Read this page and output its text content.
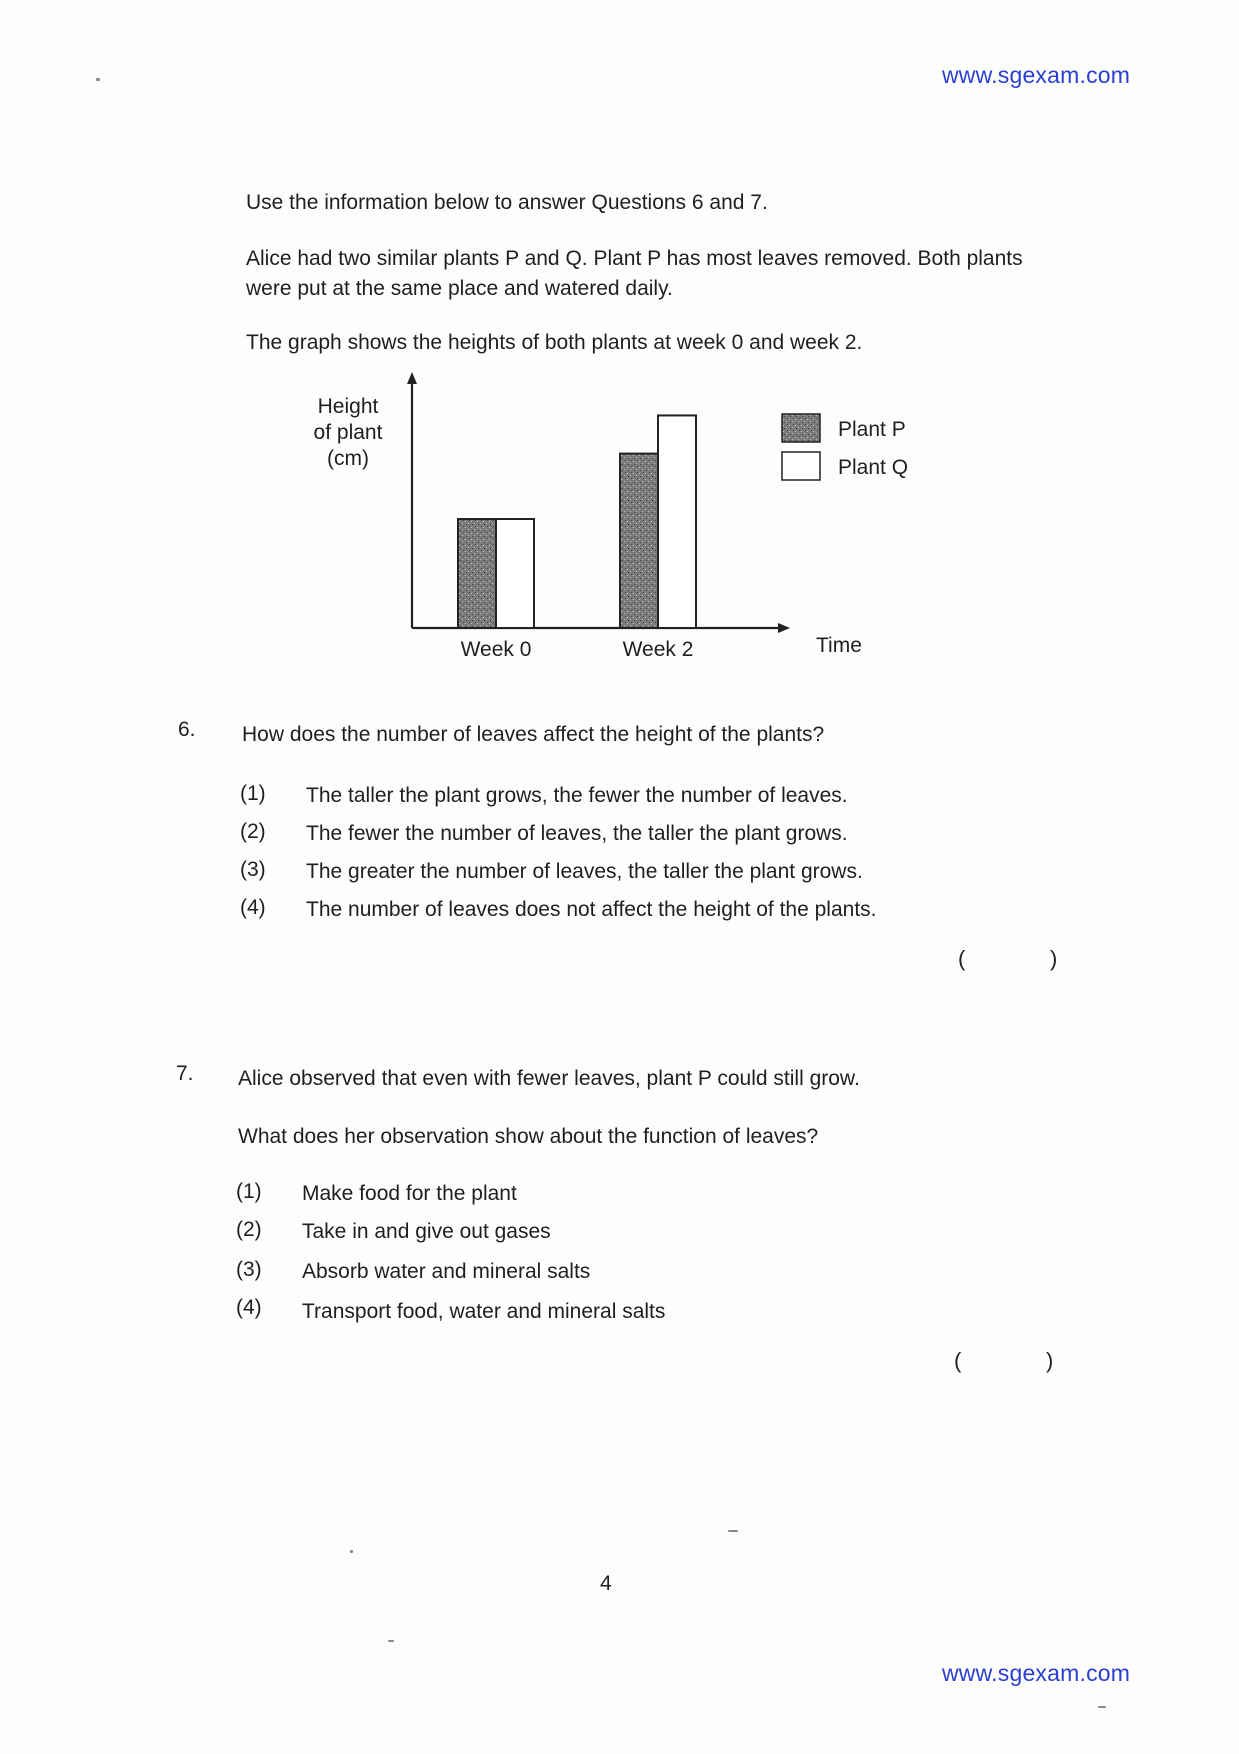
www.sgexam.com
Use the information below to answer Questions 6 and 7.
Alice had two similar plants P and Q. Plant P has most leaves removed. Both plants
were put at the same place and watered daily.
The graph shows the heights of both plants at week 0 and week 2.
Height
of plant
(cm)
Week 0	Week 2	Time
Plant P
Plant Q
6. How does the number of leaves affect the height of the plants?
(1) The taller the plant grows, the fewer the number of leaves.
(2) The fewer the number of leaves, the taller the plant grows.
(3) The greater the number of leaves, the taller the plant grows.
(4) The number of leaves does not affect the height of the plants.
(	)
7. Alice observed that even with fewer leaves, plant P could still grow.
What does her observation show about the function of leaves?
(1) Make food for the plant
(2) Take in and give out gases
(3) Absorb water and mineral salts
(4) Transport food, water and mineral salts
(	)
4
www.sgexam.com
